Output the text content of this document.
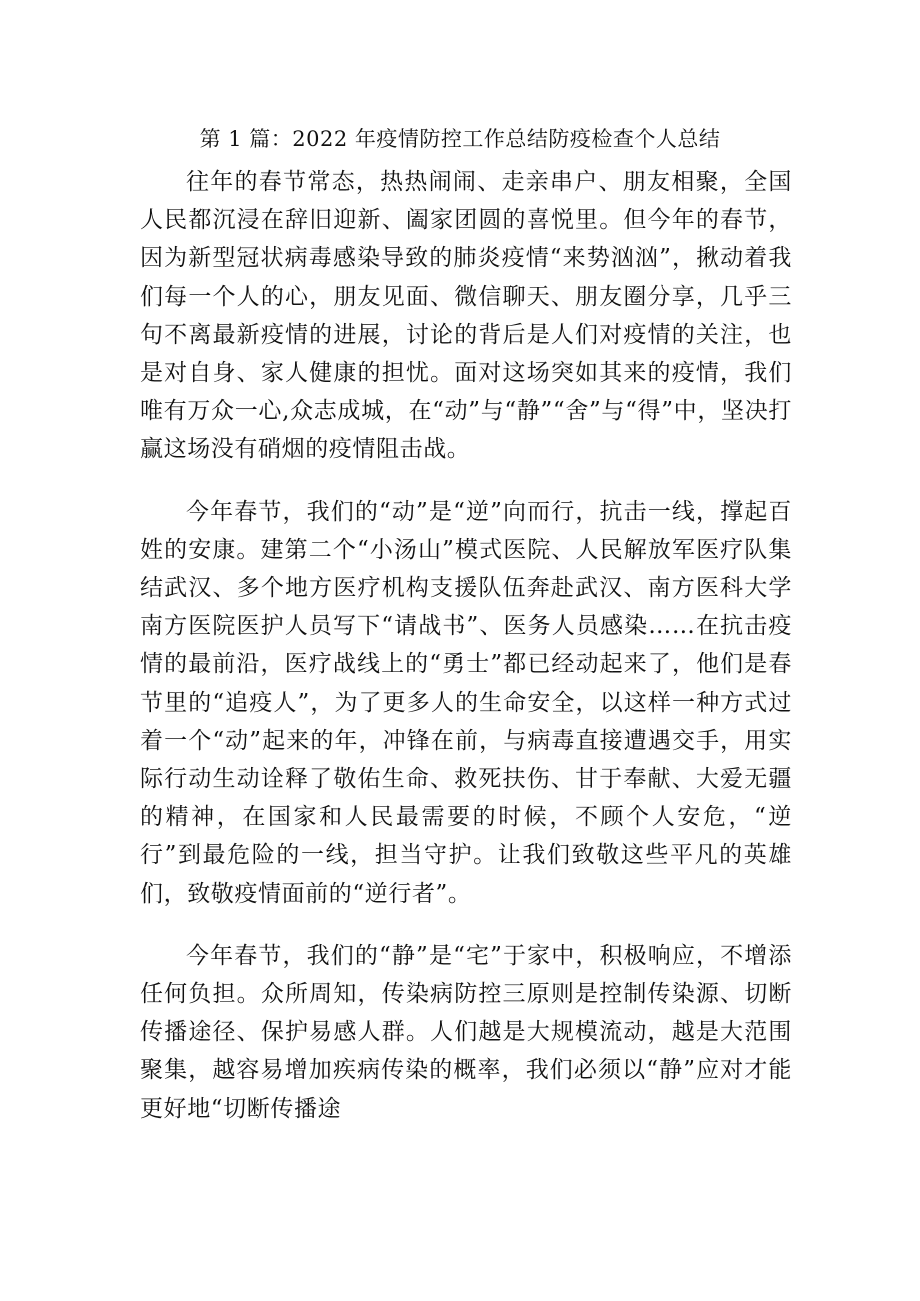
第 1 篇：2022 年疫情防控工作总结防疫检查个人总结

往年的春节常态，热热闹闹、走亲串户、朋友相聚，全国人民都沉浸在辞旧迎新、阖家团圆的喜悦里。但今年的春节，因为新型冠状病毒感染导致的肺炎疫情“来势汹汹”，揪动着我们每一个人的心，朋友见面、微信聊天、朋友圈分享，几乎三句不离最新疫情的进展，讨论的背后是人们对疫情的关注，也是对自身、家人健康的担忧。面对这场突如其来的疫情，我们唯有万众一心,众志成城，在“动”与“静”“舍”与“得”中，坚决打赢这场没有硝烟的疫情阻击战。

今年春节，我们的“动”是“逆”向而行，抗击一线，撑起百姓的安康。建第二个“小汤山”模式医院、人民解放军医疗队集结武汉、多个地方医疗机构支援队伍奔赴武汉、南方医科大学南方医院医护人员写下“请战书”、医务人员感染……在抗击疫情的最前沿，医疗战线上的“勇士”都已经动起来了，他们是春节里的“追疫人”，为了更多人的生命安全，以这样一种方式过着一个“动”起来的年，冲锋在前，与病毒直接遭遇交手，用实际行动生动诠释了敬佑生命、救死扶伤、甘于奉献、大爱无疆的精神，在国家和人民最需要的时候，不顾个人安危，“逆行”到最危险的一线，担当守护。让我们致敬这些平凡的英雄们，致敬疫情面前的“逆行者”。

今年春节，我们的“静”是“宅”于家中，积极响应，不增添任何负担。众所周知，传染病防控三原则是控制传染源、切断传播途径、保护易感人群。人们越是大规模流动，越是大范围聚集，越容易增加疾病传染的概率，我们必须以“静”应对才能更好地“切断传播途
